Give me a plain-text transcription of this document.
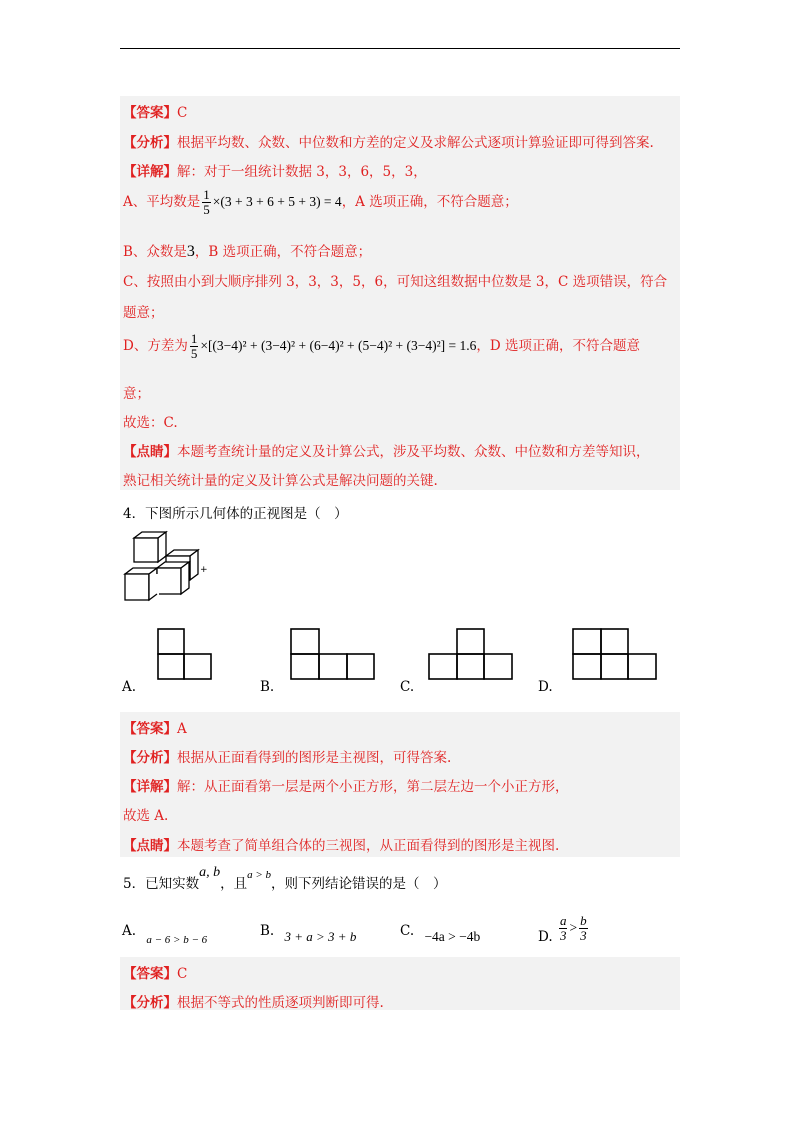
【答案】C
【分析】根据平均数、众数、中位数和方差的定义及求解公式逐项计算验证即可得到答案.
【详解】解：对于一组统计数据 3，3，6，5，3，
A、平均数是 $\frac{1}{5} \times(3 + 3 + 6 + 5 + 3) = 4$，A 选项正确，不符合题意；
B、众数是3，B 选项正确，不符合题意；
C、按照由小到大顺序排列 3，3，3，5，6，可知这组数据中位数是 3，C 选项错误，符合
题意；
D、方差为 $\frac{1}{5} \times[(3-4)^2 + (3-4)^2 + (6-4)^2 + (5-4)^2 + (3-4)^2] = 1.6$，D 选项正确，不符合题意
意；
故选：C.
【点睛】本题考查统计量的定义及计算公式，涉及平均数、众数、中位数和方差等知识，
熟记相关统计量的定义及计算公式是解决问题的关键.
4．下图所示几何体的正视图是（　）
+
A.	B.	C.	D.
【答案】A
【分析】根据从正面看得到的图形是主视图，可得答案.
【详解】解：从正面看第一层是两个小正方形，第二层左边一个小正方形，
故选 A.
【点睛】本题考查了简单组合体的三视图，从正面看得到的图形是主视图.
5．已知实数a, b，且$^{a > b}$，则下列结论错误的是（　）
A. $_{a - 6 > b - 6}$
B. 3 + a > 3 + b	C. −4a > −4b	D. $\frac{a}{3} > \frac{b}{3}$
【答案】C
【分析】根据不等式的性质逐项判断即可得.
